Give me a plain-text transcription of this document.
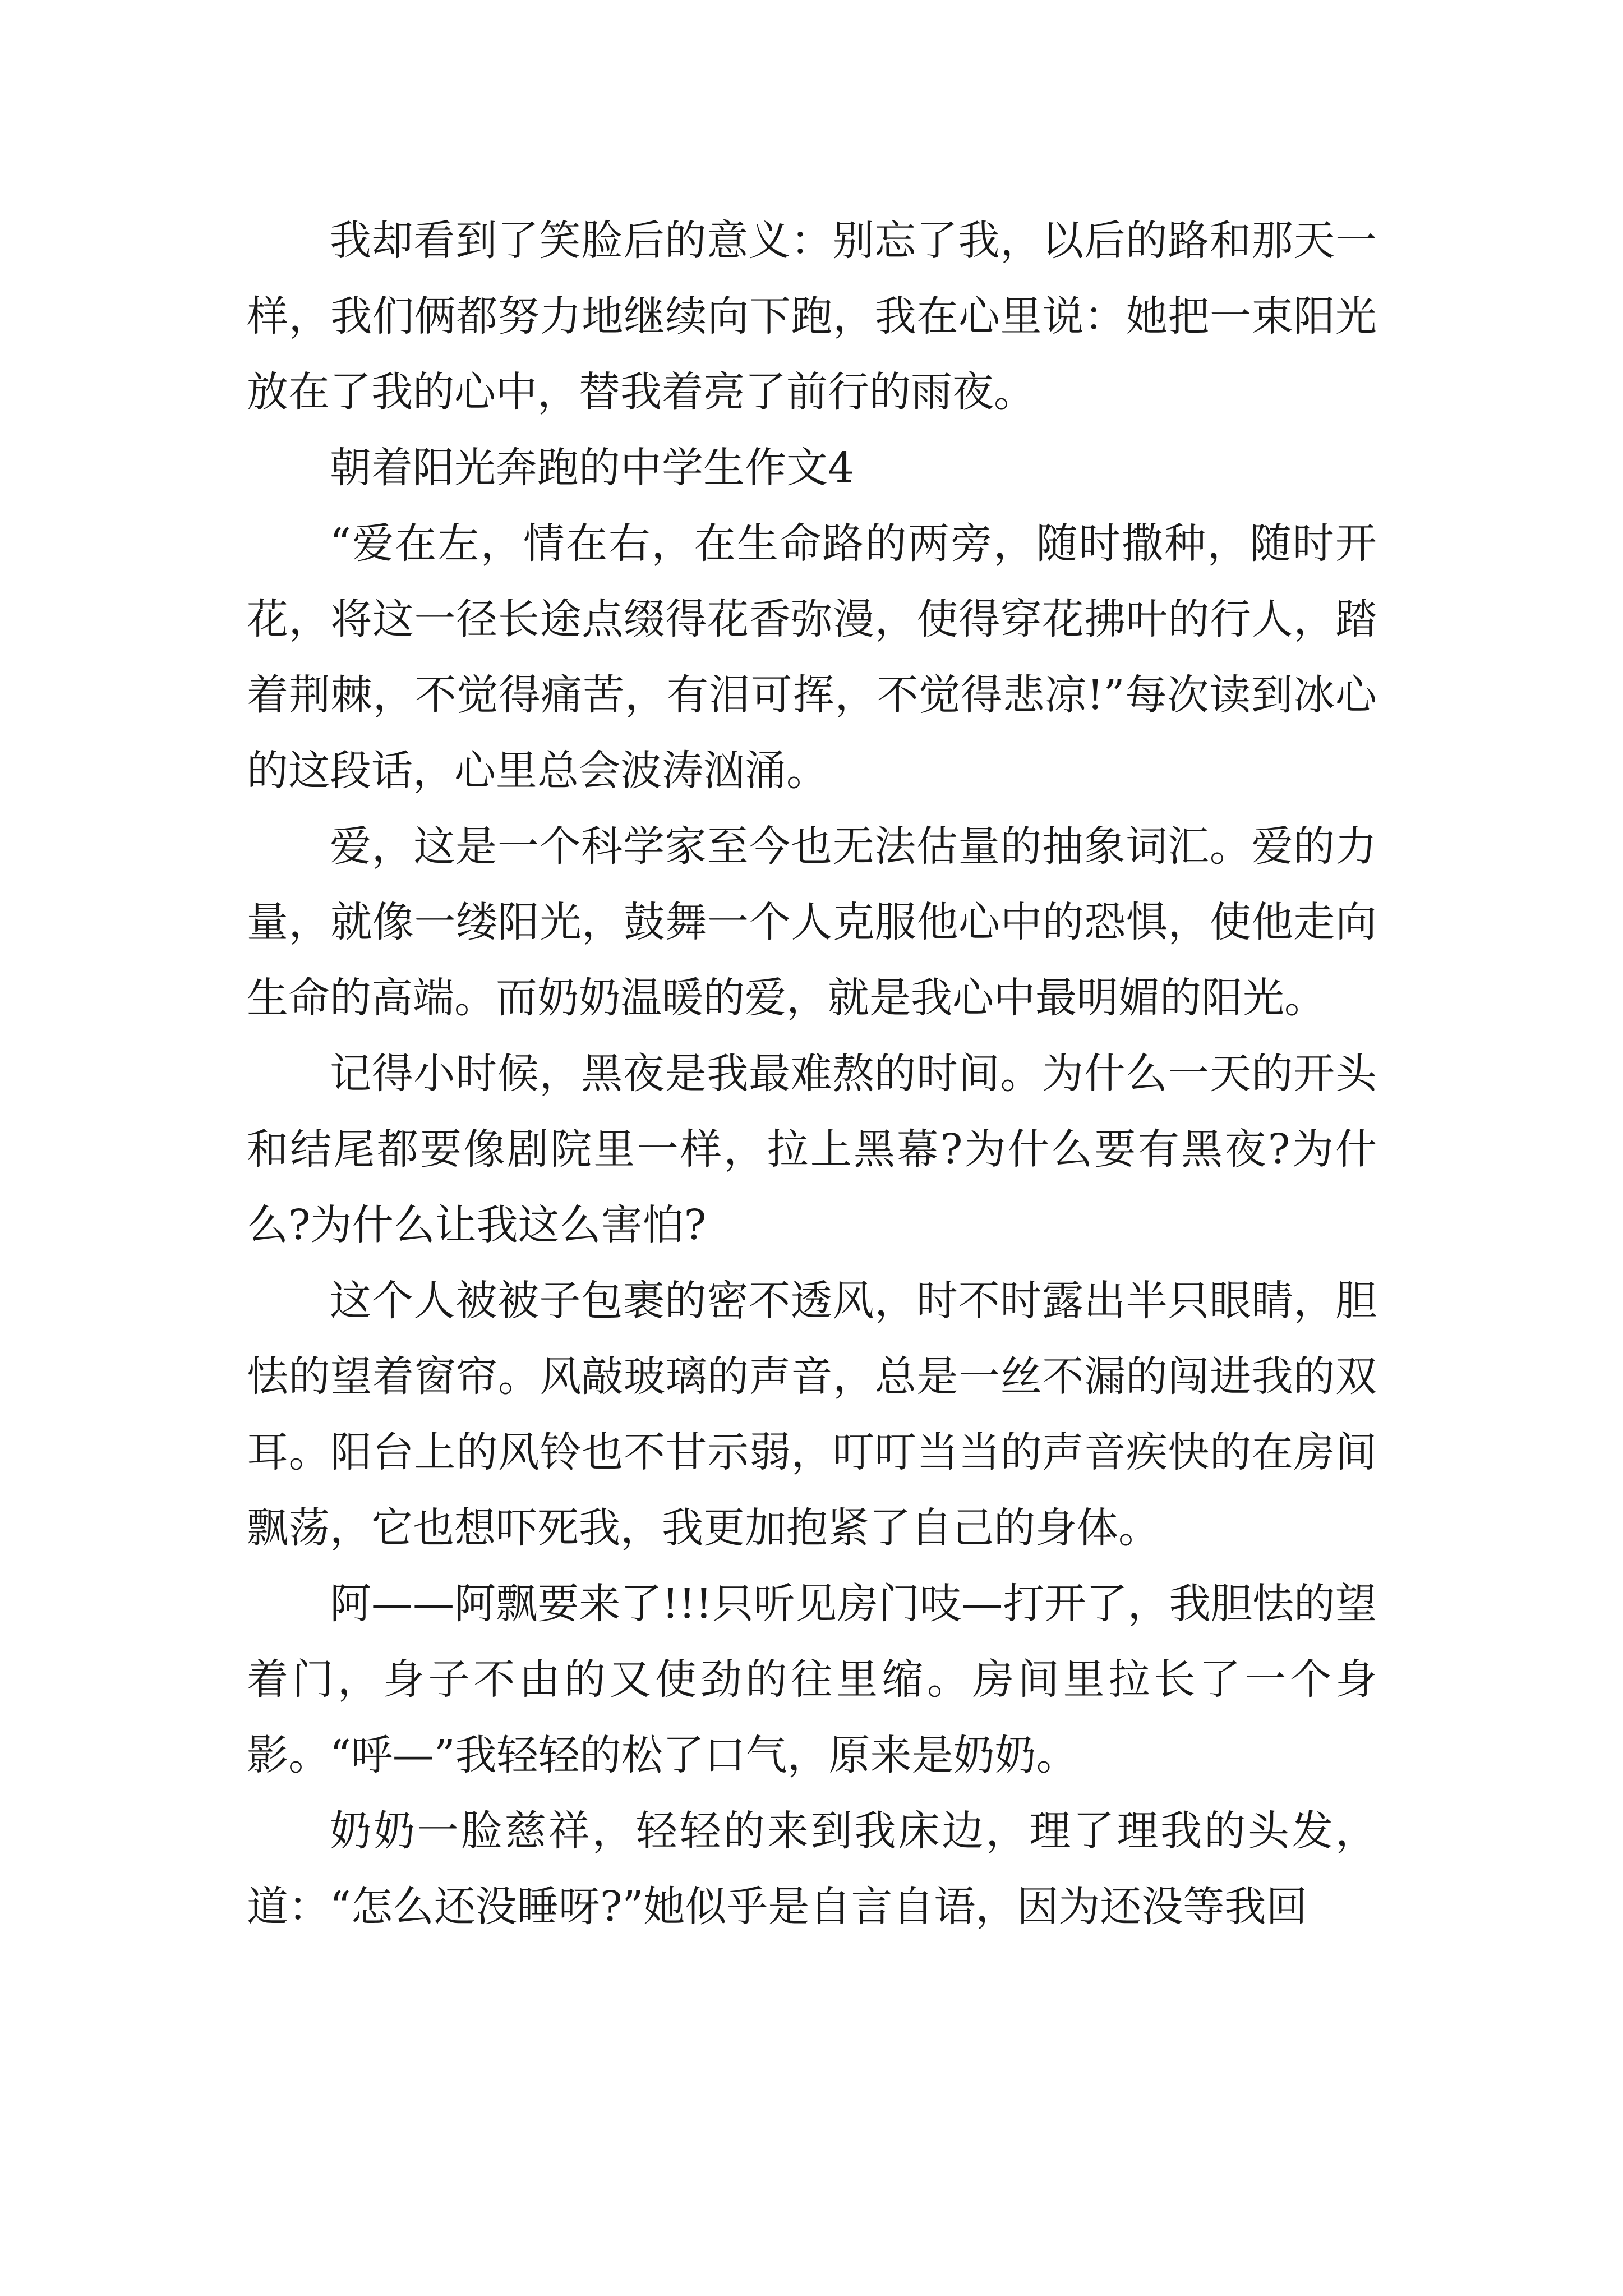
我却看到了笑脸后的意义：别忘了我，以后的路和那天一样，我们俩都努力地继续向下跑，我在心里说：她把一束阳光放在了我的心中，替我着亮了前行的雨夜。

朝着阳光奔跑的中学生作文4

“爱在左，情在右，在生命路的两旁，随时撒种，随时开花，将这一径长途点缀得花香弥漫，使得穿花拂叶的行人，踏着荆棘，不觉得痛苦，有泪可挥，不觉得悲凉!”每次读到冰心的这段话，心里总会波涛汹涌。

爱，这是一个科学家至今也无法估量的抽象词汇。爱的力量，就像一缕阳光，鼓舞一个人克服他心中的恐惧，使他走向生命的高端。而奶奶温暖的爱，就是我心中最明媚的阳光。

记得小时候，黑夜是我最难熬的时间。为什么一天的开头和结尾都要像剧院里一样，拉上黑幕?为什么要有黑夜?为什么?为什么让我这么害怕?

这个人被被子包裹的密不透风，时不时露出半只眼睛，胆怯的望着窗帘。风敲玻璃的声音，总是一丝不漏的闯进我的双耳。阳台上的风铃也不甘示弱，叮叮当当的声音疾快的在房间飘荡，它也想吓死我，我更加抱紧了自己的身体。

阿——阿飘要来了!!!只听见房门吱—打开了，我胆怯的望着门，身子不由的又使劲的往里缩。房间里拉长了一个身影。“呼—”我轻轻的松了口气，原来是奶奶。

奶奶一脸慈祥，轻轻的来到我床边，理了理我的头发，道：“怎么还没睡呀?”她似乎是自言自语，因为还没等我回
